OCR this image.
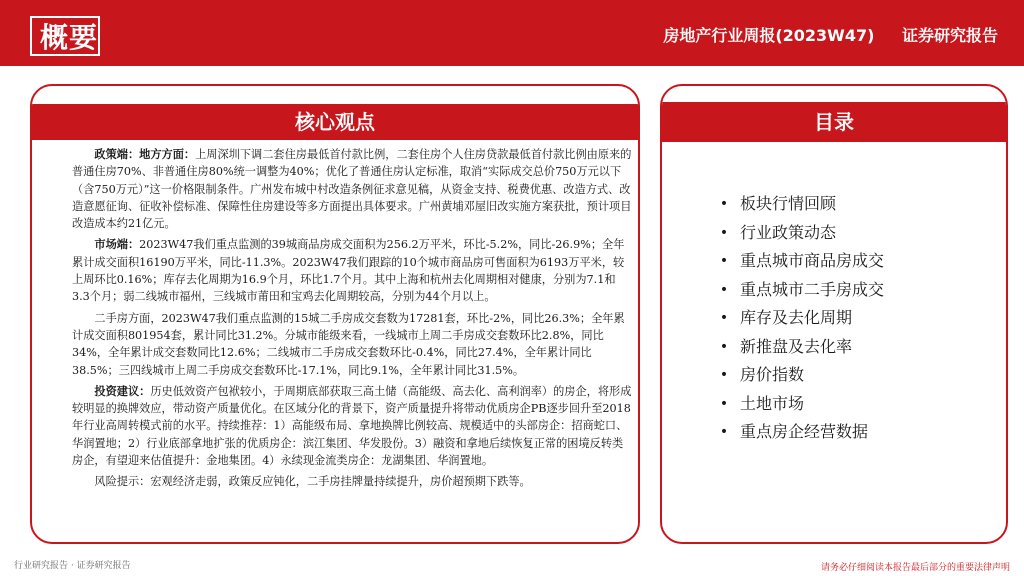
概要	房地产行业周报(2023W47) 证券研究报告
核心观点

政策端：地方方面：上周深圳下调二套住房最低首付款比例，二套住房个人住房贷款最低首付款比例由原来的普通住房70%、非普通住房80%统一调整为40%；优化了普通住房认定标准，取消“实际成交总价750万元以下（含750万元）”这一价格限制条件。广州发布城中村改造条例征求意见稿，从资金支持、税费优惠、改造方式、改造意愿征询、征收补偿标准、保障性住房建设等多方面提出具体要求。广州黄埔邓屋旧改实施方案获批，预计项目改造成本约21亿元。

市场端：2023W47我们重点监测的39城商品房成交面积为256.2万平米，环比-5.2%，同比-26.9%；全年累计成交面积16190万平米，同比-11.3%。2023W47我们跟踪的10个城市商品房可售面积为6193万平米，较上周环比0.16%；库存去化周期为16.9个月，环比1.7个月。其中上海和杭州去化周期相对健康，分别为7.1和3.3个月；弱二线城市福州，三线城市莆田和宝鸡去化周期较高，分别为44个月以上。

二手房方面，2023W47我们重点监测的15城二手房成交套数为17281套，环比-2%，同比26.3%；全年累计成交面积801954套，累计同比31.2%。分城市能级来看，一线城市上周二手房成交套数环比2.8%，同比34%，全年累计成交套数同比12.6%；二线城市二手房成交套数环比-0.4%，同比27.4%，全年累计同比38.5%；三四线城市上周二手房成交套数环比-17.1%，同比9.1%，全年累计同比31.5%。

投资建议：历史低效资产包袱较小，于周期底部获取三高土储（高能级、高去化、高利润率）的房企，将形成较明显的换牌效应，带动资产质量优化。在区域分化的背景下，资产质量提升将带动优质房企PB逐步回升至2018年行业高周转模式前的水平。持续推荐：1）高能级布局、拿地换牌比例较高、规模适中的头部房企：招商蛇口、华润置地；2）行业底部拿地扩张的优质房企：滨江集团、华发股份。3）融资和拿地后续恢复正常的困境反转类房企，有望迎来估值提升：金地集团。4）永续现金流类房企：龙湖集团、华润置地。

风险提示：宏观经济走弱，政策反应钝化，二手房挂牌量持续提升，房价超预期下跌等。

目录
• 板块行情回顾
• 行业政策动态
• 重点城市商品房成交
• 重点城市二手房成交
• 库存及去化周期
• 新推盘及去化率
• 房价指数
• 土地市场
• 重点房企经营数据
行业研究报告 · 证券研究报告	请务必仔细阅读本报告最后部分的重要法律声明
